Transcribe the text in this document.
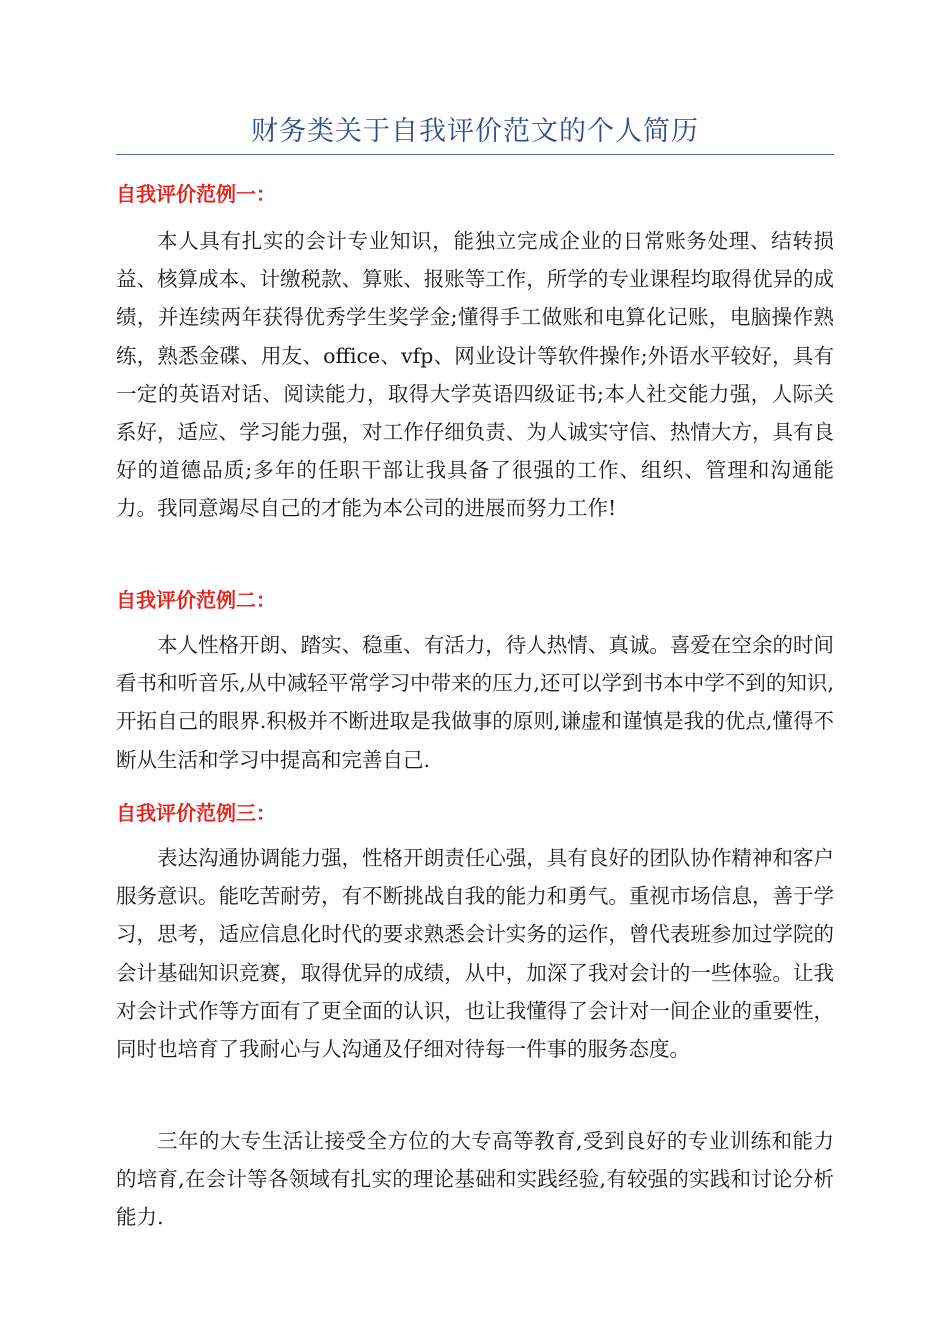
财务类关于自我评价范文的个人简历
自我评价范例一：

本人具有扎实的会计专业知识，能独立完成企业的日常账务处理、结转损益、核算成本、计缴税款、算账、报账等工作，所学的专业课程均取得优异的成绩，并连续两年获得优秀学生奖学金;懂得手工做账和电算化记账，电脑操作熟练，熟悉金碟、用友、office、vfp、网业设计等软件操作;外语水平较好，具有一定的英语对话、阅读能力，取得大学英语四级证书;本人社交能力强，人际关系好，适应、学习能力强，对工作仔细负责、为人诚实守信、热情大方，具有良好的道德品质;多年的任职干部让我具备了很强的工作、组织、管理和沟通能力。我同意竭尽自己的才能为本公司的进展而努力工作!

自我评价范例二：

本人性格开朗、踏实、稳重、有活力，待人热情、真诚。喜爱在空余的时间看书和听音乐,从中减轻平常学习中带来的压力,还可以学到书本中学不到的知识,开拓自己的眼界.积极并不断进取是我做事的原则,谦虚和谨慎是我的优点,懂得不断从生活和学习中提高和完善自己.

自我评价范例三：

表达沟通协调能力强，性格开朗责任心强，具有良好的团队协作精神和客户服务意识。能吃苦耐劳，有不断挑战自我的能力和勇气。重视市场信息，善于学习，思考，适应信息化时代的要求熟悉会计实务的运作，曾代表班参加过学院的会计基础知识竞赛，取得优异的成绩，从中，加深了我对会计的一些体验。让我对会计式作等方面有了更全面的认识，也让我懂得了会计对一间企业的重要性，同时也培育了我耐心与人沟通及仔细对待每一件事的服务态度。

三年的大专生活让接受全方位的大专高等教育,受到良好的专业训练和能力的培育,在会计等各领域有扎实的理论基础和实践经验,有较强的实践和讨论分析能力.
